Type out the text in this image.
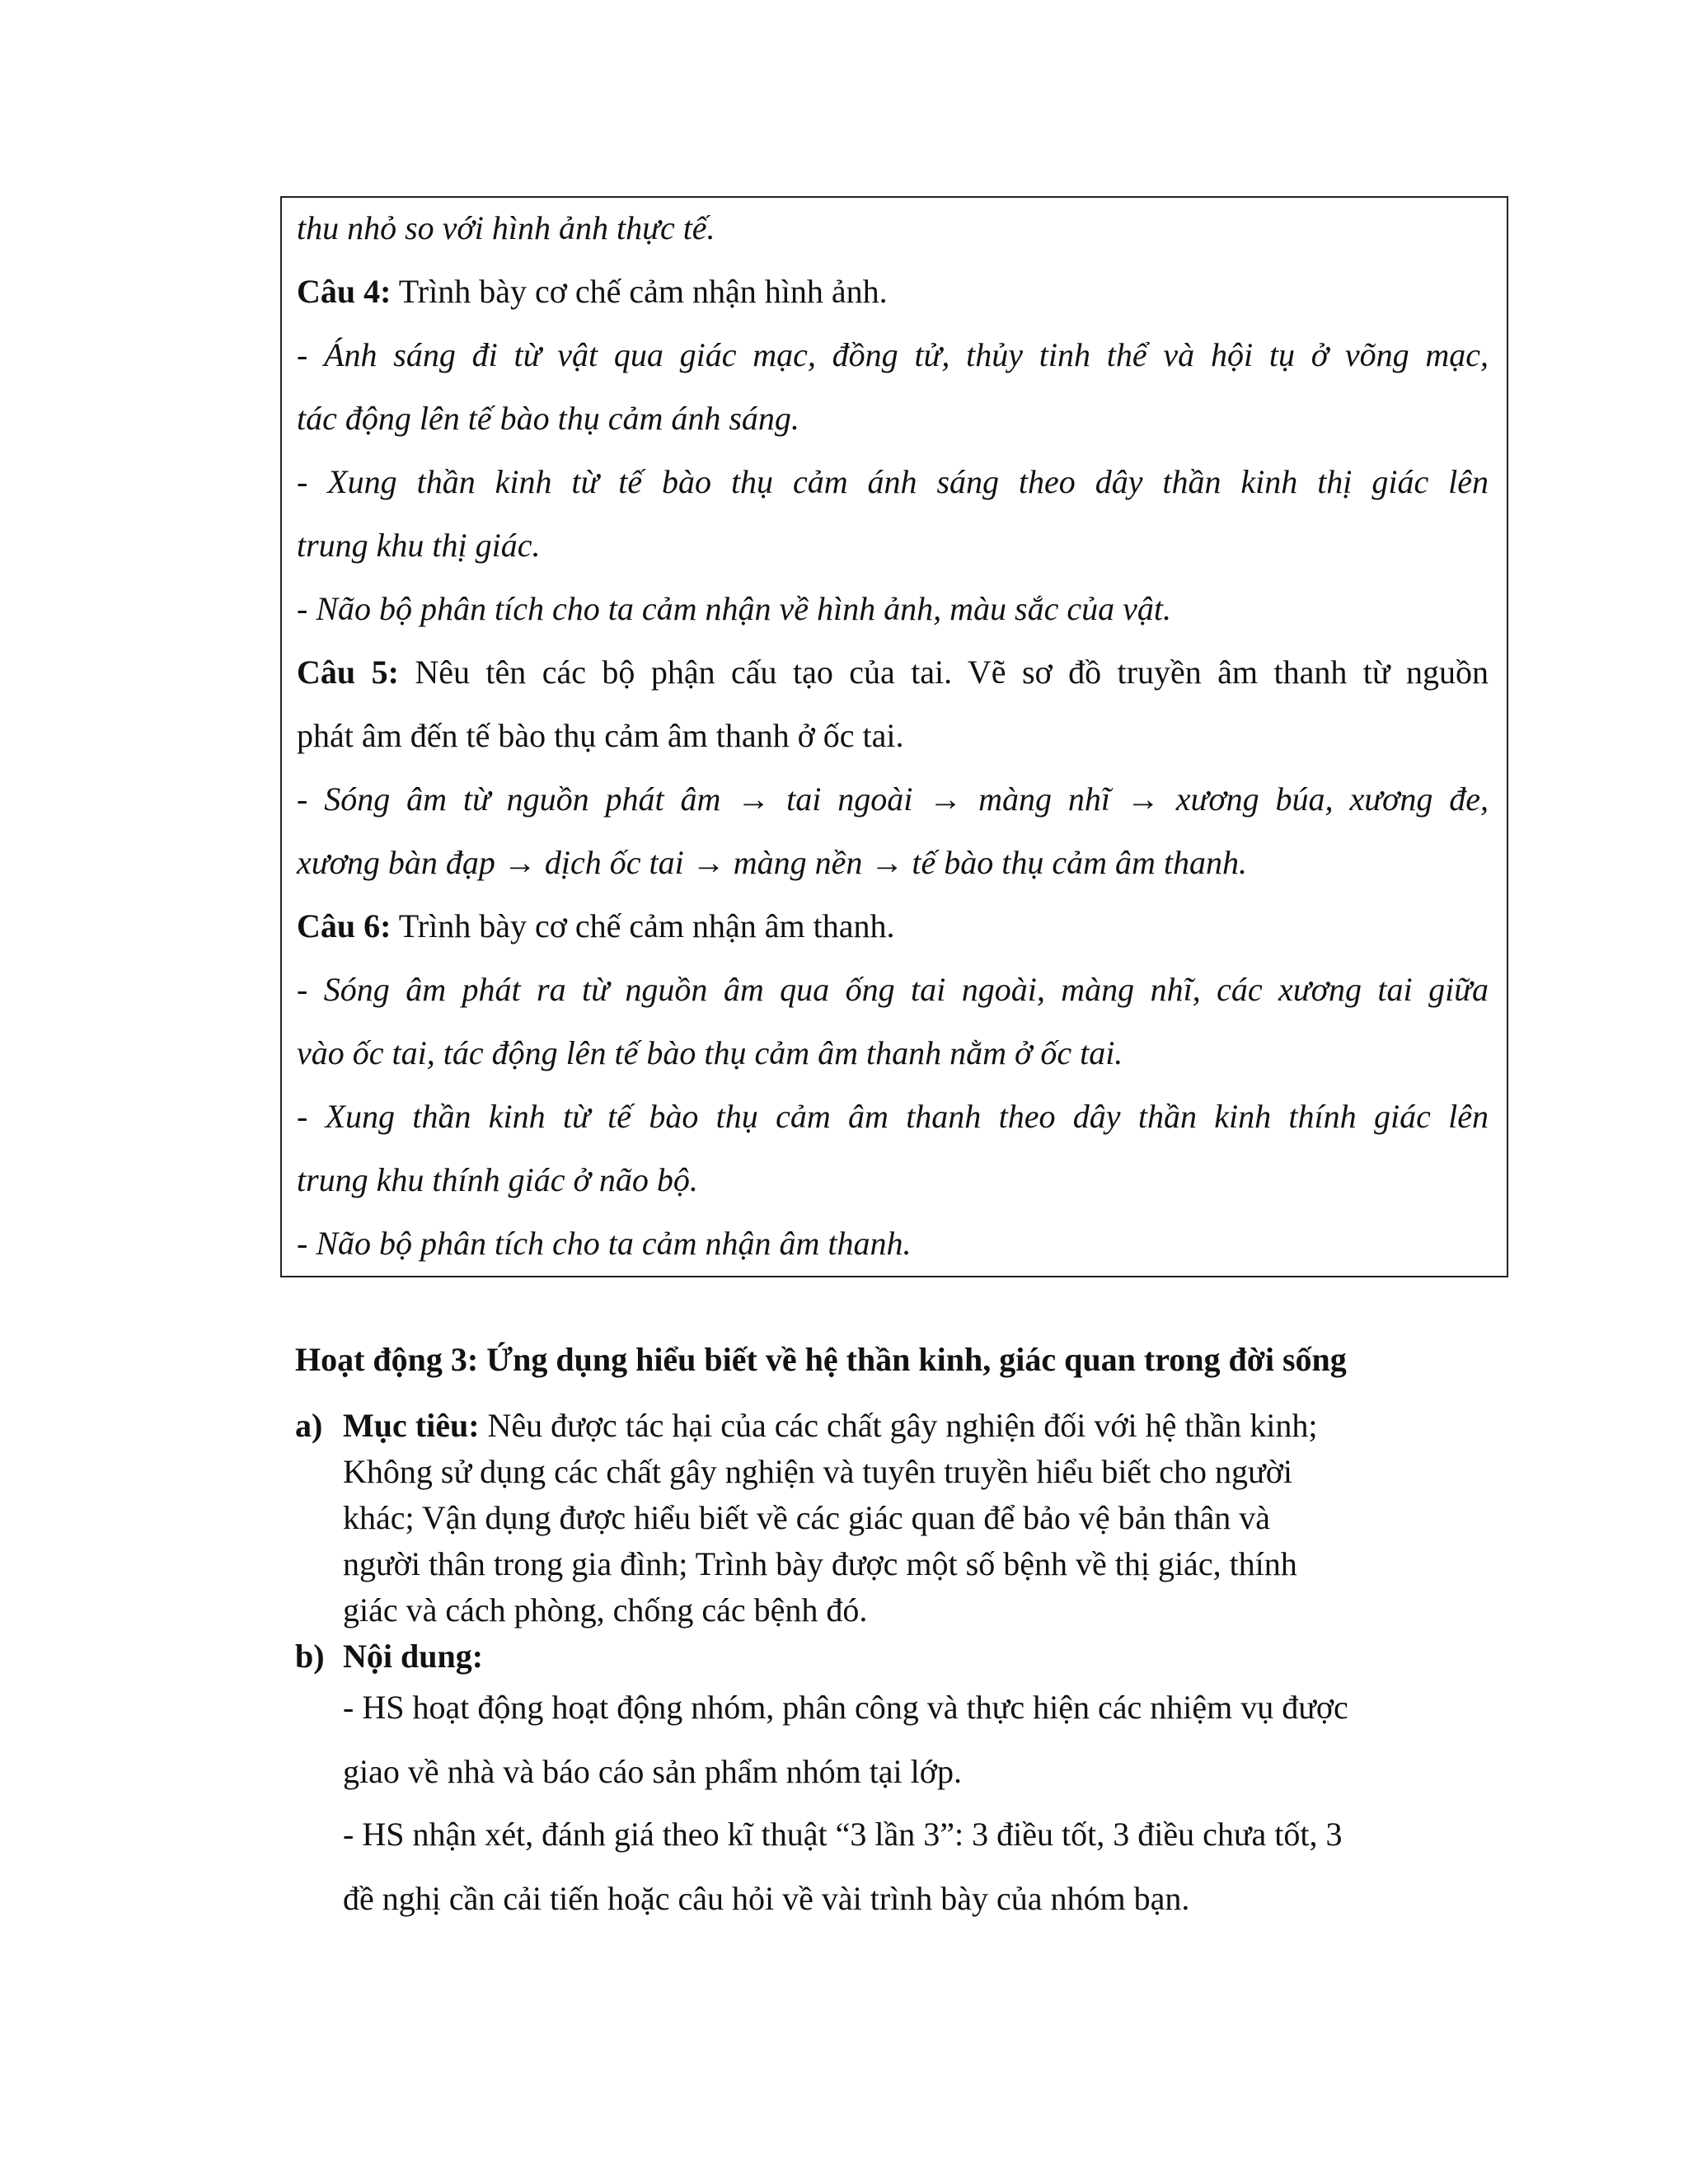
thu nhỏ so với hình ảnh thực tế.
Câu 4: Trình bày cơ chế cảm nhận hình ảnh.
- Ánh sáng đi từ vật qua giác mạc, đồng tử, thủy tinh thể và hội tụ ở võng mạc,
tác động lên tế bào thụ cảm ánh sáng.
- Xung thần kinh từ tế bào thụ cảm ánh sáng theo dây thần kinh thị giác lên
trung khu thị giác.
- Não bộ phân tích cho ta cảm nhận về hình ảnh, màu sắc của vật.
Câu 5: Nêu tên các bộ phận cấu tạo của tai. Vẽ sơ đồ truyền âm thanh từ nguồn
phát âm đến tế bào thụ cảm âm thanh ở ốc tai.
- Sóng âm từ nguồn phát âm → tai ngoài → màng nhĩ → xương búa, xương đe,
xương bàn đạp → dịch ốc tai → màng nền → tế bào thụ cảm âm thanh.
Câu 6: Trình bày cơ chế cảm nhận âm thanh.
- Sóng âm phát ra từ nguồn âm qua ống tai ngoài, màng nhĩ, các xương tai giữa
vào ốc tai, tác động lên tế bào thụ cảm âm thanh nằm ở ốc tai.
- Xung thần kinh từ tế bào thụ cảm âm thanh theo dây thần kinh thính giác lên
trung khu thính giác ở não bộ.
- Não bộ phân tích cho ta cảm nhận âm thanh.
Hoạt động 3: Ứng dụng hiểu biết về hệ thần kinh, giác quan trong đời sống
a) Mục tiêu: Nêu được tác hại của các chất gây nghiện đối với hệ thần kinh;
Không sử dụng các chất gây nghiện và tuyên truyền hiểu biết cho người
khác; Vận dụng được hiểu biết về các giác quan để bảo vệ bản thân và
người thân trong gia đình; Trình bày được một số bệnh về thị giác, thính
giác và cách phòng, chống các bệnh đó.
b) Nội dung:
- HS hoạt động hoạt động nhóm, phân công và thực hiện các nhiệm vụ được
giao về nhà và báo cáo sản phẩm nhóm tại lớp.
- HS nhận xét, đánh giá theo kĩ thuật “3 lần 3”: 3 điều tốt, 3 điều chưa tốt, 3
đề nghị cần cải tiến hoặc câu hỏi về vài trình bày của nhóm bạn.
